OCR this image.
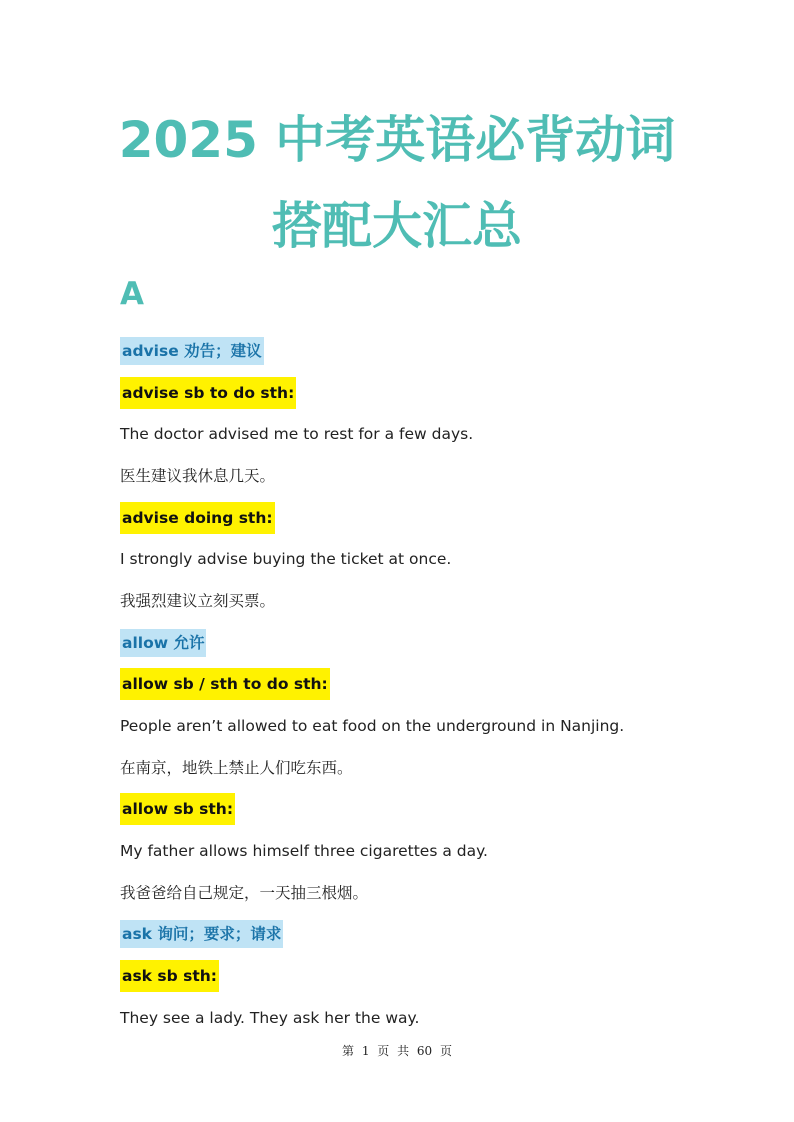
2025 中考英语必背动词
搭配大汇总
A
advise 劝告；建议
advise sb to do sth:
The doctor advised me to rest for a few days.
医生建议我休息几天。
advise doing sth:
I strongly advise buying the ticket at once.
我强烈建议立刻买票。
allow 允许
allow sb / sth to do sth:
People aren’t allowed to eat food on the underground in Nanjing.
在南京，地铁上禁止人们吃东西。
allow sb sth:
My father allows himself three cigarettes a day.
我爸爸给自己规定，一天抽三根烟。
ask 询问；要求；请求
ask sb sth:
They see a lady. They ask her the way.
第 1 页 共 60 页
